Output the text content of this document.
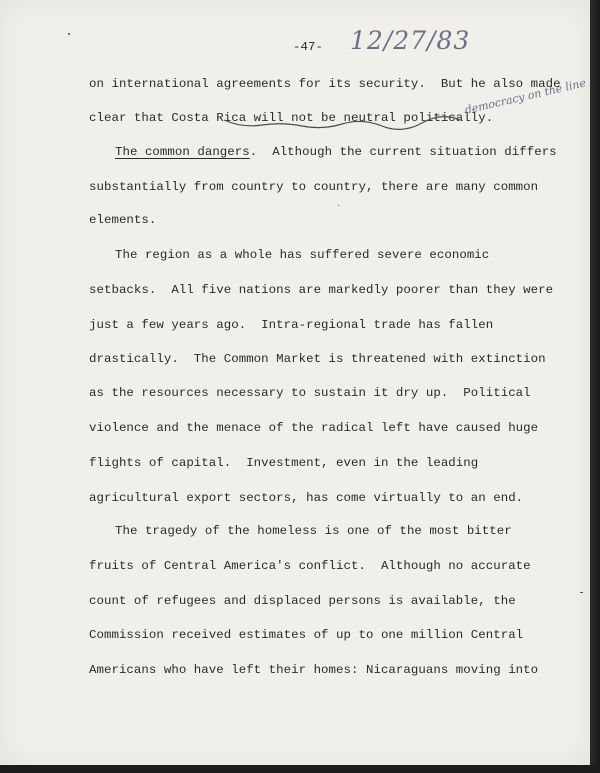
-47- 12/27/83
on international agreements for its security.  But he also made
clear that Costa Rica will not be neutral politically.
democracy on the line
The common dangers.  Although the current situation differs
substantially from country to country, there are many common
elements.
The region as a whole has suffered severe economic
setbacks.  All five nations are markedly poorer than they were
just a few years ago.  Intra-regional trade has fallen
drastically.  The Common Market is threatened with extinction
as the resources necessary to sustain it dry up.  Political
violence and the menace of the radical left have caused huge
flights of capital.  Investment, even in the leading
agricultural export sectors, has come virtually to an end.
The tragedy of the homeless is one of the most bitter
fruits of Central America's conflict.  Although no accurate
count of refugees and displaced persons is available, the
Commission received estimates of up to one million Central
Americans who have left their homes: Nicaraguans moving into
